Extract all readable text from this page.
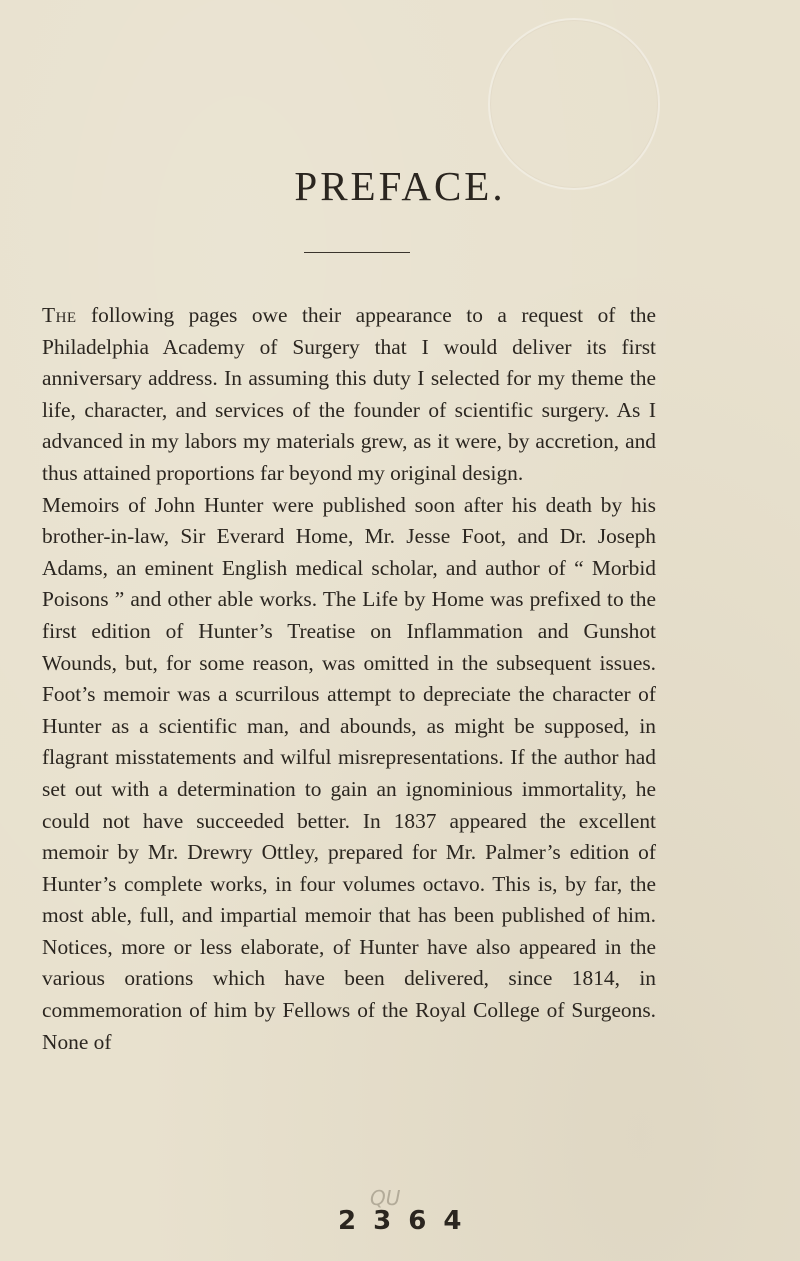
PREFACE.

The following pages owe their appearance to a request of the Philadelphia Academy of Surgery that I would deliver its first anniversary address. In assuming this duty I selected for my theme the life, character, and services of the founder of scientific surgery. As I advanced in my labors my materials grew, as it were, by accretion, and thus attained proportions far beyond my original design.

Memoirs of John Hunter were published soon after his death by his brother-in-law, Sir Everard Home, Mr. Jesse Foot, and Dr. Joseph Adams, an eminent English medical scholar, and author of “ Morbid Poisons ” and other able works. The Life by Home was prefixed to the first edition of Hunter’s Treatise on Inflammation and Gunshot Wounds, but, for some reason, was omitted in the subsequent issues. Foot’s memoir was a scurrilous attempt to depreciate the character of Hunter as a scientific man, and abounds, as might be supposed, in flagrant misstatements and wilful misrepresentations. If the author had set out with a determination to gain an ignominious immortality, he could not have succeeded better. In 1837 appeared the excellent memoir by Mr. Drewry Ottley, prepared for Mr. Palmer’s edition of Hunter’s complete works, in four volumes octavo. This is, by far, the most able, full, and impartial memoir that has been published of him. Notices, more or less elaborate, of Hunter have also appeared in the various orations which have been delivered, since 1814, in commemoration of him by Fellows of the Royal College of Surgeons. None of

QU
2 3 6 4
